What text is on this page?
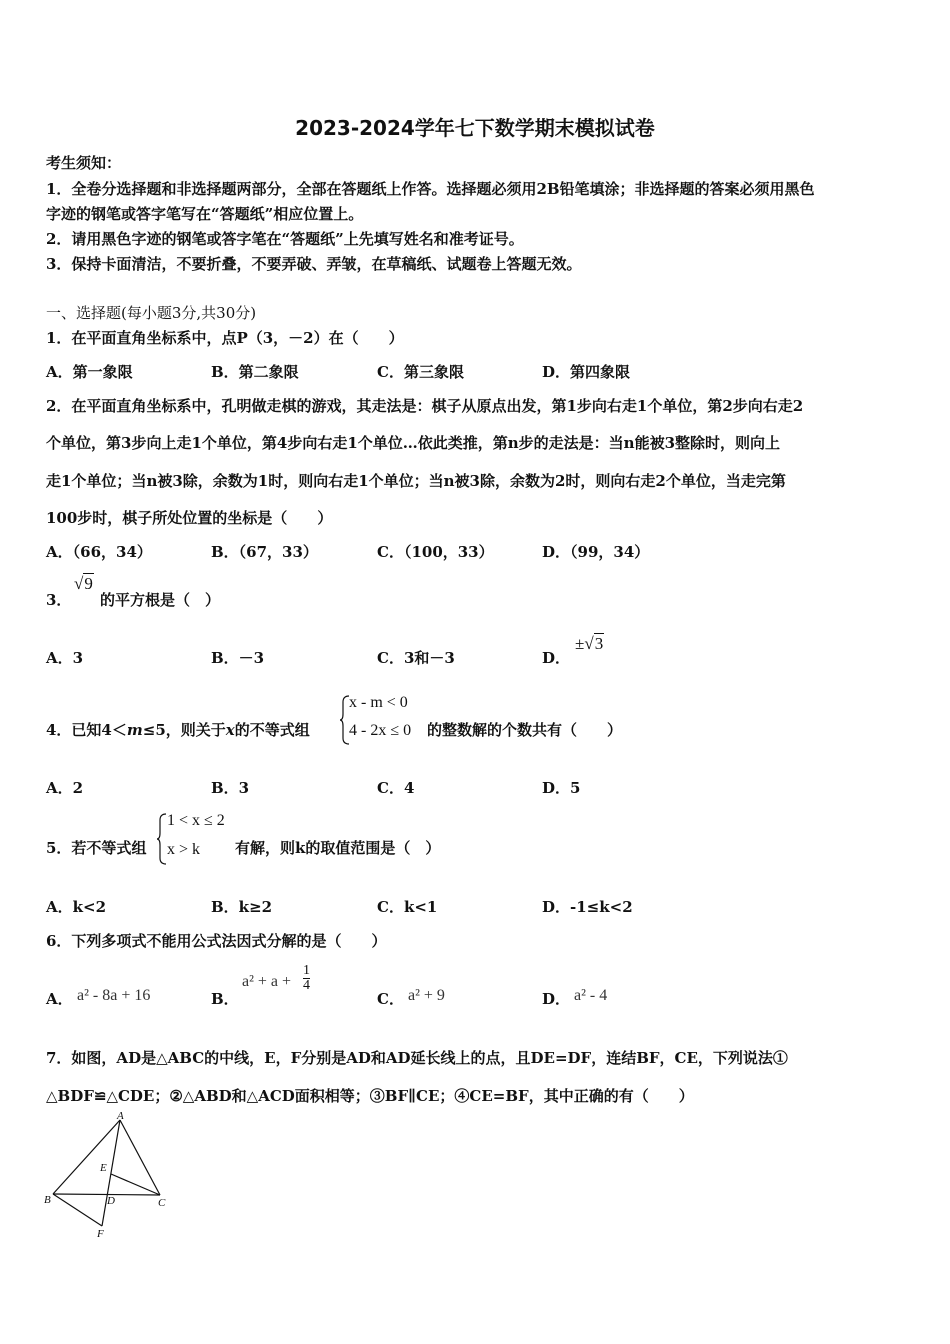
2023-2024学年七下数学期末模拟试卷
考生须知：
1．全卷分选择题和非选择题两部分，全部在答题纸上作答。选择题必须用2B铅笔填涂；非选择题的答案必须用黑色
字迹的钢笔或答字笔写在“答题纸”相应位置上。
2．请用黑色字迹的钢笔或答字笔在“答题纸”上先填写姓名和准考证号。
3．保持卡面清洁，不要折叠，不要弄破、弄皱，在草稿纸、试题卷上答题无效。
一、选择题(每小题3分,共30分)
1．在平面直角坐标系中，点P（3，－2）在（　　）
A．第一象限	B．第二象限	C．第三象限	D．第四象限
2．在平面直角坐标系中，孔明做走棋的游戏，其走法是：棋子从原点出发，第1步向右走1个单位，第2步向右走2
个单位，第3步向上走1个单位，第4步向右走1个单位…依此类推，第n步的走法是：当n能被3整除时，则向上
走1个单位；当n被3除，余数为1时，则向右走1个单位；当n被3除，余数为2时，则向右走2个单位，当走完第
100步时，棋子所处位置的坐标是（　　）
A．（66，34）	B．（67，33）	C．（100，33）	D．（99，34）
3．
√9
的平方根是（　）
A．3	B．－3	C．3和－3	D．
±√3
4．已知4＜m≤5，则关于x的不等式组
x - m < 0
4 - 2x ≤ 0 的整数解的个数共有（　　）
A．2	B．3	C．4	D．5
5．若不等式组
1 < x ≤ 2
x > k 有解，则k的取值范围是（　）
A．k<2	B．k≥2	C．k<1	D．-1≤k<2
6．下列多项式不能用公式法因式分解的是（　　）
A． a² - 8a + 16	B．
$a^2 + a + \frac{1}{4}$
C． a² + 9	D． a² - 4
7．如图，AD是△ABC的中线，E，F分别是AD和AD延长线上的点，且DE=DF，连结BF，CE，下列说法①
△BDF≌△CDE；②△ABD和△ACD面积相等；③BF∥CE；④CE=BF，其中正确的有（　　）
A
B	C
D
E
F
